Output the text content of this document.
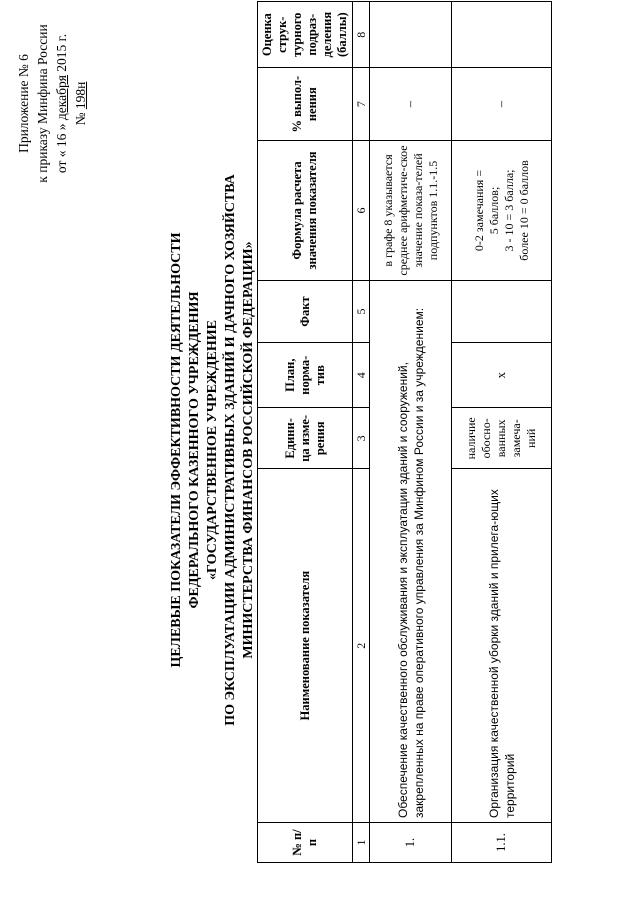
Приложение № 6 к приказу Минфина России от « 16 » декабря 2015 г.
№ 198н
ЦЕЛЕВЫЕ ПОКАЗАТЕЛИ ЭФФЕКТИВНОСТИ ДЕЯТЕЛЬНОСТИ ФЕДЕРАЛЬНОГО КАЗЕННОГО УЧРЕЖДЕНИЯ «ГОСУДАРСТВЕННОЕ УЧРЕЖДЕНИЕ ПО ЭКСПЛУАТАЦИИ АДМИНИСТРАТИВНЫХ ЗДАНИЙ И ДАЧНОГО ХОЗЯЙСТВА МИНИСТЕРСТВА ФИНАНСОВ РОССИЙСКОЙ ФЕДЕРАЦИИ»
№ п/п	Наименование показателя	Едини-ца изме-рения	План, норма-тив	Факт	Формула расчета значения показателя	% выпол-нения	Оценка струк-турного подраз-деления (баллы)
1	2	3	4	5	6	7	8
1.	Обеспечение качественного обслуживания и эксплуатации зданий и сооружений, закрепленных на праве оперативного управления за Минфином России и за учреждением:				в графе 8 указывается среднее арифметиче-ское значение показа-телей подпунктов 1.1.-1.5	–	
1.1.	Организация качественной уборки зданий и прилега-ющих территорий	наличие обосно-ванных замеча-ний	х		0-2 замечания = 5 баллов; 3 - 10 = 3 балла; более 10 = 0 баллов	–	
